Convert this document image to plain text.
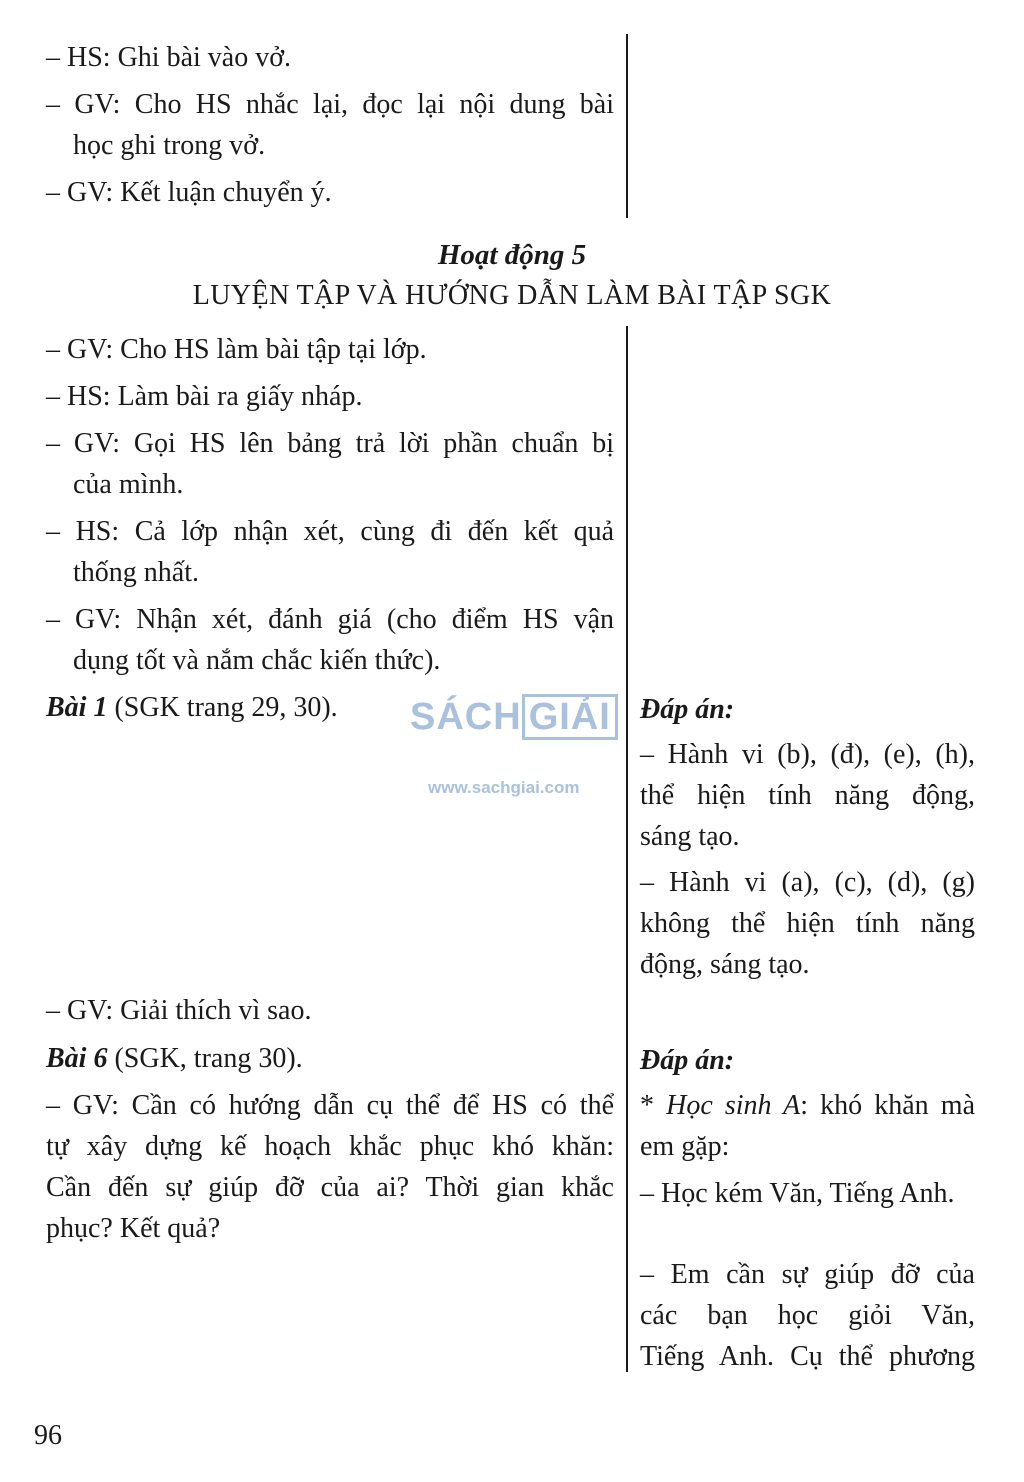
– HS: Ghi bài vào vở.
– GV: Cho HS nhắc lại, đọc lại nội dung bài
học ghi trong vở.
– GV: Kết luận chuyển ý.
Hoạt động 5
LUYỆN TẬP VÀ HƯỚNG DẪN LÀM BÀI TẬP SGK
– GV: Cho HS làm bài tập tại lớp.
– HS: Làm bài ra giấy nháp.
– GV: Gọi HS lên bảng trả lời phần chuẩn bị
của mình.
– HS: Cả lớp nhận xét, cùng đi đến kết quả
thống nhất.
– GV: Nhận xét, đánh giá (cho điểm HS vận
dụng tốt và nắm chắc kiến thức).
Bài 1 (SGK trang 29, 30). SÁCH GIẢI
www.sachgiai.com
Đáp án:
– Hành vi (b), (đ), (e), (h),
thể hiện tính năng động,
sáng tạo.
– Hành vi (a), (c), (d), (g)
không thể hiện tính năng
động, sáng tạo.
– GV: Giải thích vì sao.
Bài 6 (SGK, trang 30).
– GV: Cần có hướng dẫn cụ thể để HS có thể
tự xây dựng kế hoạch khắc phục khó khăn:
Cần đến sự giúp đỡ của ai? Thời gian khắc
phục? Kết quả?
Đáp án:
* Học sinh A: khó khăn mà
em gặp:
– Học kém Văn, Tiếng Anh.
– Em cần sự giúp đỡ của
các bạn học giỏi Văn,
Tiếng Anh. Cụ thể phương
96
